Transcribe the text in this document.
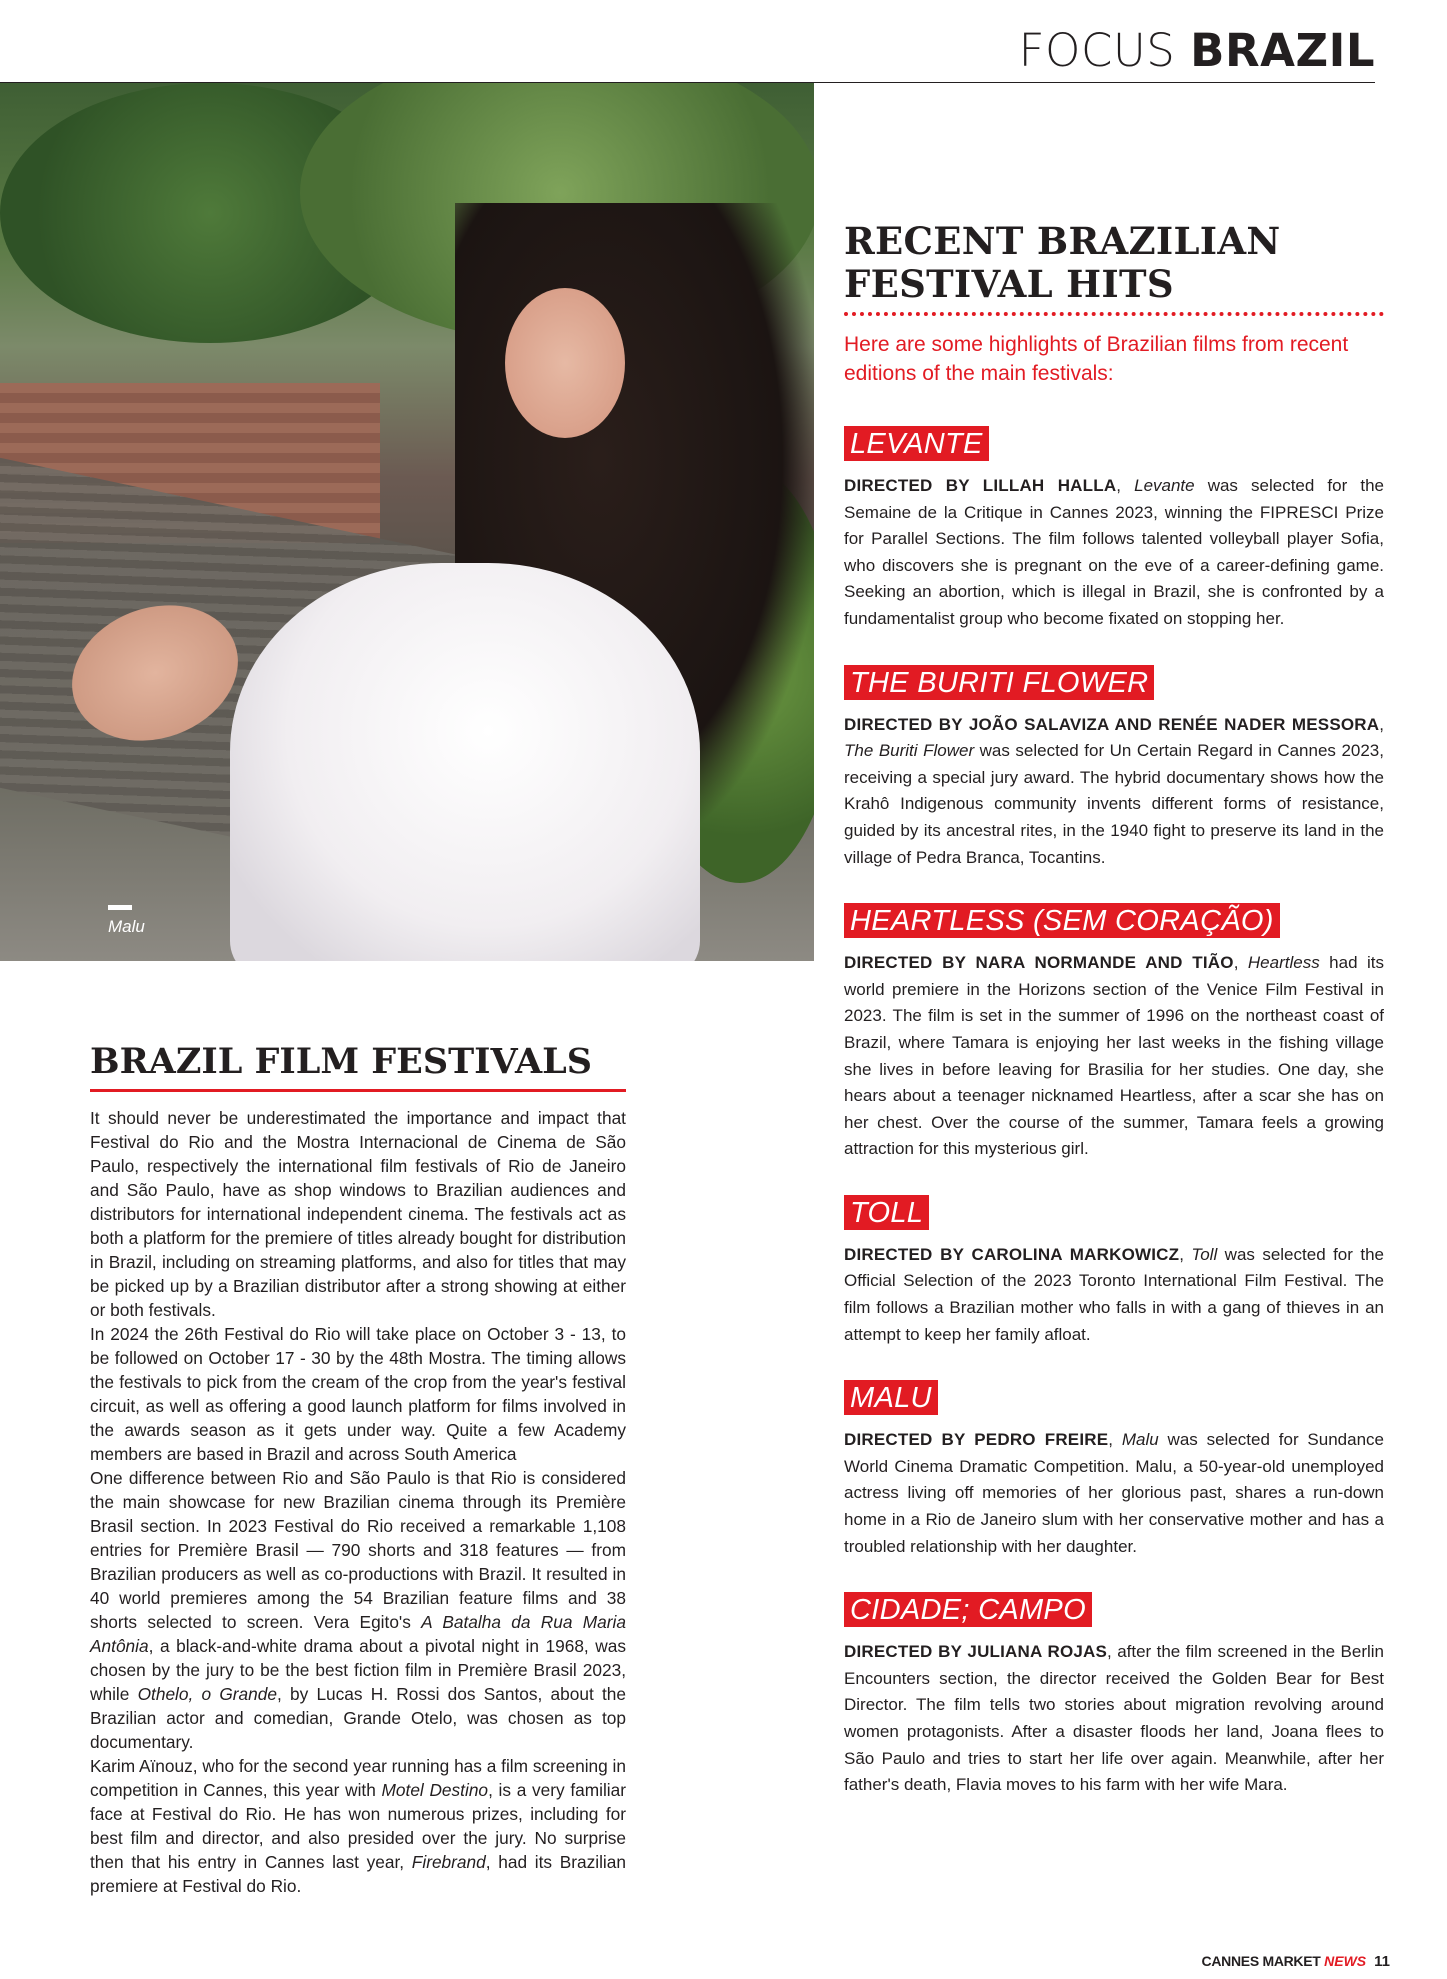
FOCUS BRAZIL
Malu
RECENT BRAZILIAN
FESTIVAL HITS
Here are some highlights of Brazilian films from recent editions of the main festivals:
LEVANTE
DIRECTED BY LILLAH HALLA, Levante was selected for the Semaine de la Critique in Cannes 2023, winning the FIPRESCI Prize for Parallel Sections. The film follows talented volleyball player Sofia, who discovers she is pregnant on the eve of a career-defining game. Seeking an abortion, which is illegal in Brazil, she is confronted by a fundamentalist group who become fixated on stopping her.
THE BURITI FLOWER
DIRECTED BY JOÃO SALAVIZA AND RENÉE NADER MESSORA, The Buriti Flower was selected for Un Certain Regard in Cannes 2023, receiving a special jury award. The hybrid documentary shows how the Krahô Indigenous community invents different forms of resistance, guided by its ancestral rites, in the 1940 fight to preserve its land in the village of Pedra Branca, Tocantins.
HEARTLESS (SEM CORAÇÃO)
DIRECTED BY NARA NORMANDE AND TIÃO, Heartless had its world premiere in the Horizons section of the Venice Film Festival in 2023. The film is set in the summer of 1996 on the northeast coast of Brazil, where Tamara is enjoying her last weeks in the fishing village she lives in before leaving for Brasilia for her studies. One day, she hears about a teenager nicknamed Heartless, after a scar she has on her chest. Over the course of the summer, Tamara feels a growing attraction for this mysterious girl.
TOLL
DIRECTED BY CAROLINA MARKOWICZ, Toll was selected for the Official Selection of the 2023 Toronto International Film Festival. The film follows a Brazilian mother who falls in with a gang of thieves in an attempt to keep her family afloat.
MALU
DIRECTED BY PEDRO FREIRE, Malu was selected for Sundance World Cinema Dramatic Competition. Malu, a 50-year-old unemployed actress living off memories of her glorious past, shares a run-down home in a Rio de Janeiro slum with her conservative mother and has a troubled relationship with her daughter.
CIDADE; CAMPO
DIRECTED BY JULIANA ROJAS, after the film screened in the Berlin Encounters section, the director received the Golden Bear for Best Director. The film tells two stories about migration revolving around women protagonists. After a disaster floods her land, Joana flees to São Paulo and tries to start her life over again. Meanwhile, after her father's death, Flavia moves to his farm with her wife Mara.
BRAZIL FILM FESTIVALS

It should never be underestimated the importance and impact that Festival do Rio and the Mostra Internacional de Cinema de São Paulo, respectively the international film festivals of Rio de Janeiro and São Paulo, have as shop windows to Brazilian audiences and distributors for international independent cinema. The festivals act as both a platform for the premiere of titles already bought for distribution in Brazil, including on streaming platforms, and also for titles that may be picked up by a Brazilian distributor after a strong showing at either or both festivals.

In 2024 the 26th Festival do Rio will take place on October 3 - 13, to be followed on October 17 - 30 by the 48th Mostra. The timing allows the festivals to pick from the cream of the crop from the year's festival circuit, as well as offering a good launch platform for films involved in the awards season as it gets under way. Quite a few Academy members are based in Brazil and across South America

One difference between Rio and São Paulo is that Rio is considered the main showcase for new Brazilian cinema through its Première Brasil section. In 2023 Festival do Rio received a remarkable 1,108 entries for Première Brasil — 790 shorts and 318 features — from Brazilian producers as well as co-productions with Brazil. It resulted in 40 world premieres among the 54 Brazilian feature films and 38 shorts selected to screen. Vera Egito's A Batalha da Rua Maria Antônia, a black-and-white drama about a pivotal night in 1968, was chosen by the jury to be the best fiction film in Première Brasil 2023, while Othelo, o Grande, by Lucas H. Rossi dos Santos, about the Brazilian actor and comedian, Grande Otelo, was chosen as top documentary.

Karim Aïnouz, who for the second year running has a film screening in competition in Cannes, this year with Motel Destino, is a very familiar face at Festival do Rio. He has won numerous prizes, including for best film and director, and also presided over the jury. No surprise then that his entry in Cannes last year, Firebrand, had its Brazilian premiere at Festival do Rio.

CANNES MARKET NEWS 11
